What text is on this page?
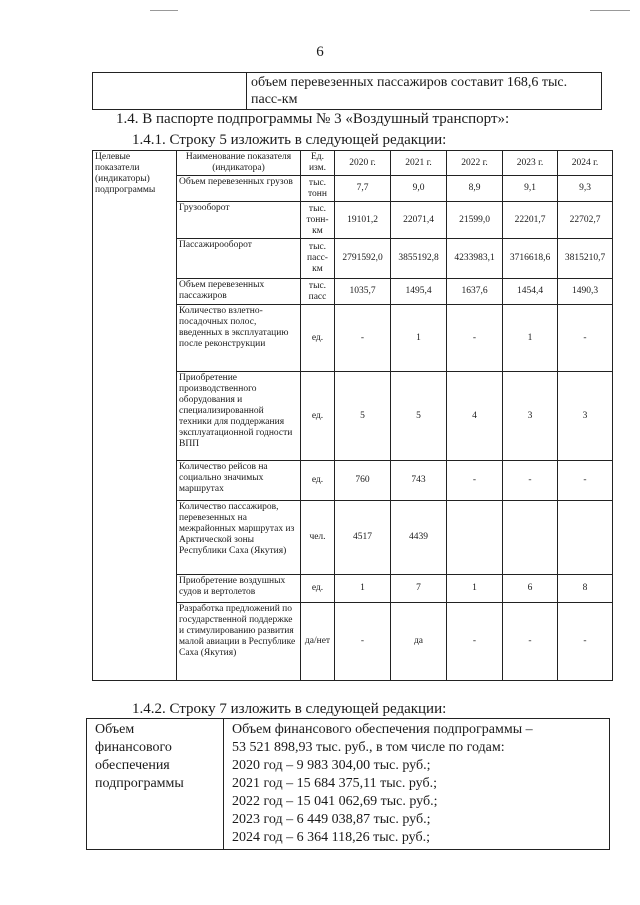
6

объем перевезенных пассажиров составит 168,6 тыс.
пасс-км
1.4. В паспорте подпрограммы № 3 «Воздушный транспорт»:
1.4.1. Строку 5 изложить в следующей редакции:
Целевые показатели (индикаторы) подпрограммы	Наименование показателя (индикатора)	Ед. изм.	2020 г.	2021 г.	2022 г.	2023 г.	2024 г.
	Объем перевезенных грузов	тыс. тонн	7,7	9,0	8,9	9,1	9,3
	Грузооборот	тыс. тонн-км	19101,2	22071,4	21599,0	22201,7	22702,7
	Пассажирооборот	тыс. пасс-км	2791592,0	3855192,8	4233983,1	3716618,6	3815210,7
	Объем перевезенных пассажиров	тыс. пасс	1035,7	1495,4	1637,6	1454,4	1490,3
	Количество взлетно-посадочных полос, введенных в эксплуатацию после реконструкции	ед.	-	1	-	1	-
	Приобретение производственного оборудования и специализированной техники для поддержания эксплуатационной годности ВПП	ед.	5	5	4	3	3
	Количество рейсов на социально значимых маршрутах	ед.	760	743	-	-	-
	Количество пассажиров, перевезенных на межрайонных маршрутах из Арктической зоны Республики Саха (Якутия)	чел.	4517	4439			
	Приобретение воздушных судов и вертолетов	ед.	1	7	1	6	8
	Разработка предложений по государственной поддержке и стимулированию развития малой авиации в Республике Саха (Якутия)	да/нет	-	да	-	-	-
1.4.2. Строку 7 изложить в следующей редакции:
Объем
финансового
обеспечения
подпрограммы

Объем финансового обеспечения подпрограммы –
53 521 898,93 тыс. руб., в том числе по годам:
2020 год – 9 983 304,00 тыс. руб.;
2021 год – 15 684 375,11 тыс. руб.;
2022 год – 15 041 062,69 тыс. руб.;
2023 год – 6 449 038,87 тыс. руб.;
2024 год – 6 364 118,26 тыс. руб.;
